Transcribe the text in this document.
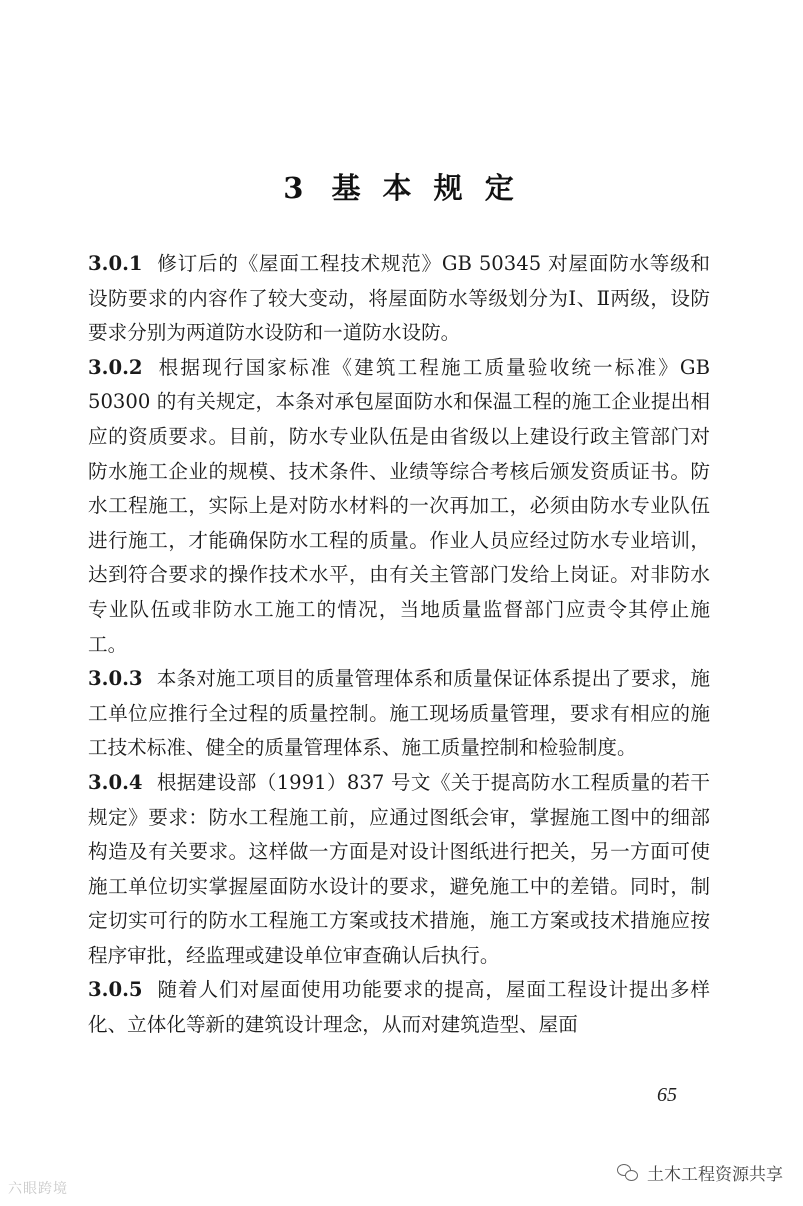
3 基 本 规 定

3.0.1 修订后的《屋面工程技术规范》GB 50345 对屋面防水等级和设防要求的内容作了较大变动，将屋面防水等级划分为Ⅰ、Ⅱ两级，设防要求分别为两道防水设防和一道防水设防。

3.0.2 根据现行国家标准《建筑工程施工质量验收统一标准》GB 50300 的有关规定，本条对承包屋面防水和保温工程的施工企业提出相应的资质要求。目前，防水专业队伍是由省级以上建设行政主管部门对防水施工企业的规模、技术条件、业绩等综合考核后颁发资质证书。防水工程施工，实际上是对防水材料的一次再加工，必须由防水专业队伍进行施工，才能确保防水工程的质量。作业人员应经过防水专业培训，达到符合要求的操作技术水平，由有关主管部门发给上岗证。对非防水专业队伍或非防水工施工的情况，当地质量监督部门应责令其停止施工。

3.0.3 本条对施工项目的质量管理体系和质量保证体系提出了要求，施工单位应推行全过程的质量控制。施工现场质量管理，要求有相应的施工技术标准、健全的质量管理体系、施工质量控制和检验制度。

3.0.4 根据建设部（1991）837 号文《关于提高防水工程质量的若干规定》要求：防水工程施工前，应通过图纸会审，掌握施工图中的细部构造及有关要求。这样做一方面是对设计图纸进行把关，另一方面可使施工单位切实掌握屋面防水设计的要求，避免施工中的差错。同时，制定切实可行的防水工程施工方案或技术措施，施工方案或技术措施应按程序审批，经监理或建设单位审查确认后执行。

3.0.5 随着人们对屋面使用功能要求的提高，屋面工程设计提出多样化、立体化等新的建筑设计理念，从而对建筑造型、屋面

65
土木工程资源共享
六眼跨境
